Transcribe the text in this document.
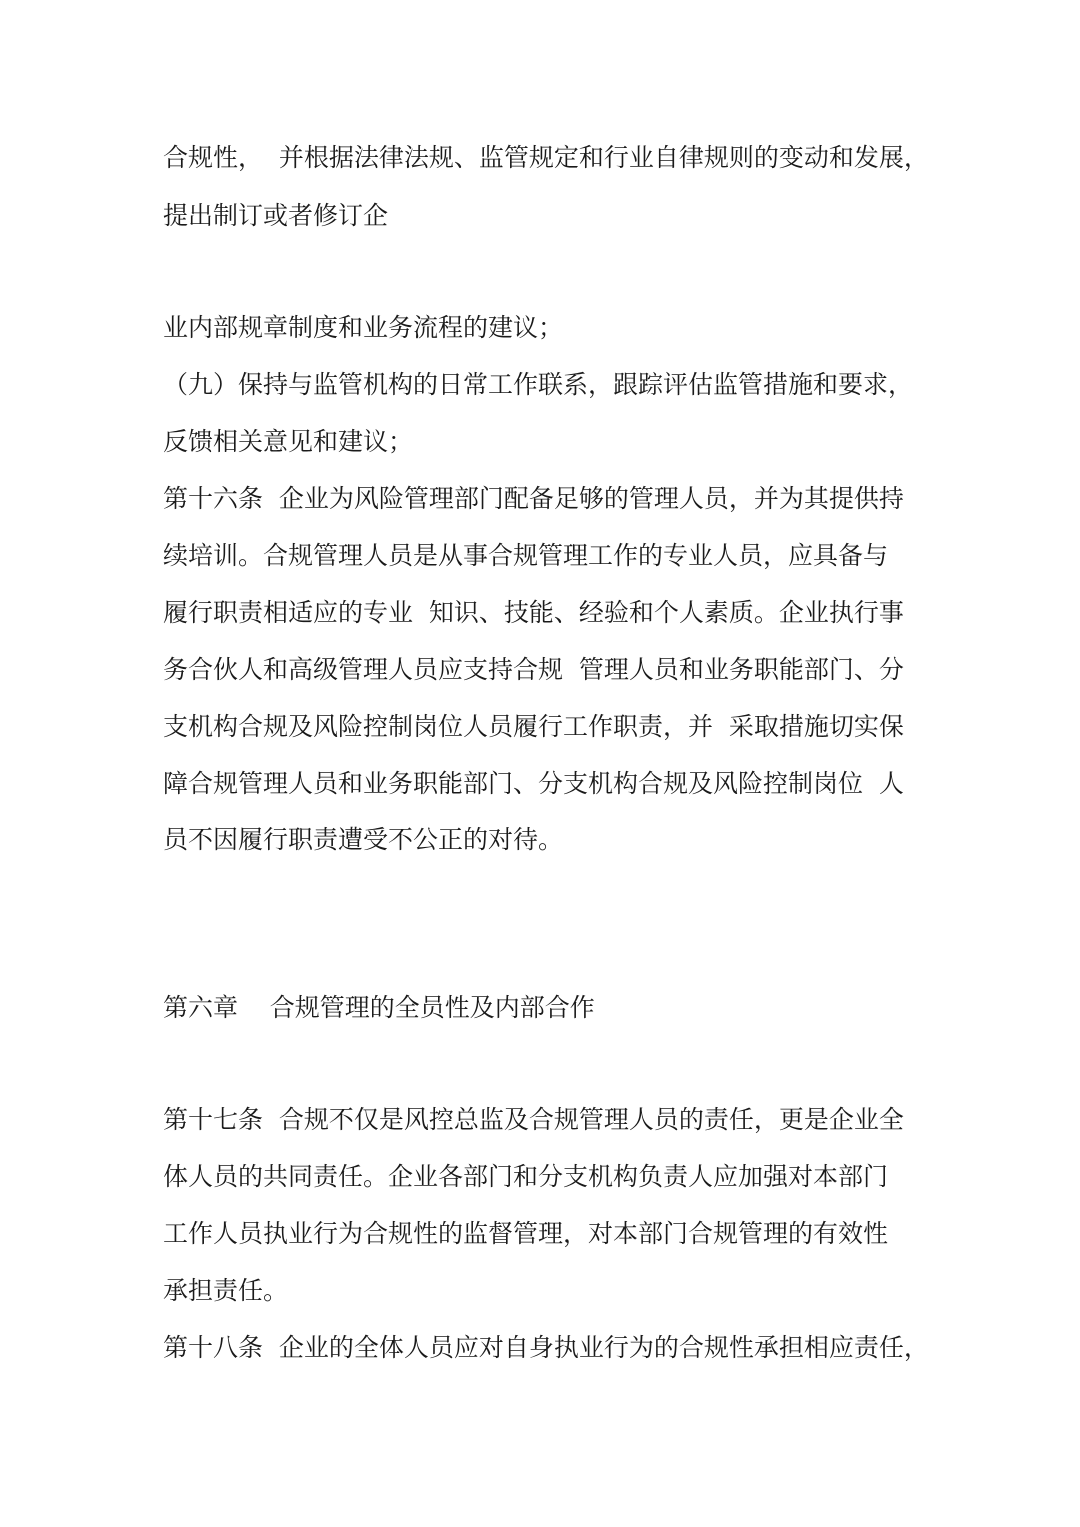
合规性，  并根据法律法规、监管规定和行业自律规则的变动和发展，

提出制订或者修订企

业内部规章制度和业务流程的建议；

（九）保持与监管机构的日常工作联系，跟踪评估监管措施和要求，

反馈相关意见和建议；

第十六条  企业为风险管理部门配备足够的管理人员，并为其提供持

续培训。合规管理人员是从事合规管理工作的专业人员，应具备与

履行职责相适应的专业  知识、技能、经验和个人素质。企业执行事

务合伙人和高级管理人员应支持合规  管理人员和业务职能部门、分

支机构合规及风险控制岗位人员履行工作职责，并  采取措施切实保

障合规管理人员和业务职能部门、分支机构合规及风险控制岗位  人

员不因履行职责遭受不公正的对待。

第六章    合规管理的全员性及内部合作

第十七条  合规不仅是风控总监及合规管理人员的责任，更是企业全

体人员的共同责任。企业各部门和分支机构负责人应加强对本部门

工作人员执业行为合规性的监督管理，对本部门合规管理的有效性

承担责任。

第十八条  企业的全体人员应对自身执业行为的合规性承担相应责任，
